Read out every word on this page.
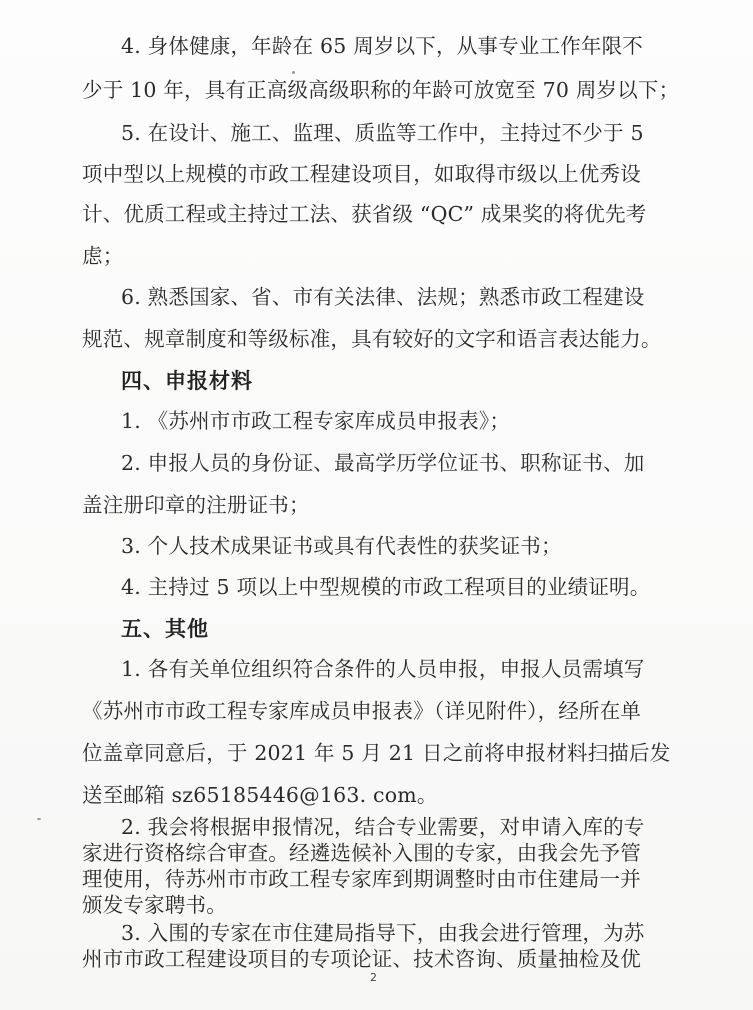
4. 身体健康，年龄在 65 周岁以下，从事专业工作年限不
少于 10 年，具有正高级高级职称的年龄可放宽至 70 周岁以下；
5. 在设计、施工、监理、质监等工作中，主持过不少于 5
项中型以上规模的市政工程建设项目，如取得市级以上优秀设
计、优质工程或主持过工法、获省级 “QC” 成果奖的将优先考
虑；
6. 熟悉国家、省、市有关法律、法规；熟悉市政工程建设
规范、规章制度和等级标准，具有较好的文字和语言表达能力。
四、申报材料
1. 《苏州市市政工程专家库成员申报表》；
2. 申报人员的身份证、最高学历学位证书、职称证书、加
盖注册印章的注册证书；
3. 个人技术成果证书或具有代表性的获奖证书；
4. 主持过 5 项以上中型规模的市政工程项目的业绩证明。
五、其他
1. 各有关单位组织符合条件的人员申报，申报人员需填写
《苏州市市政工程专家库成员申报表》（详见附件），经所在单
位盖章同意后，于 2021 年 5 月 21 日之前将申报材料扫描后发
送至邮箱 sz65185446@163. com。
2. 我会将根据申报情况，结合专业需要，对申请入库的专
家进行资格综合审查。经遴选候补入围的专家，由我会先予管
理使用，待苏州市市政工程专家库到期调整时由市住建局一并
颁发专家聘书。
2
3. 入围的专家在市住建局指导下，由我会进行管理，为苏
州市市政工程建设项目的专项论证、技术咨询、质量抽检及优
